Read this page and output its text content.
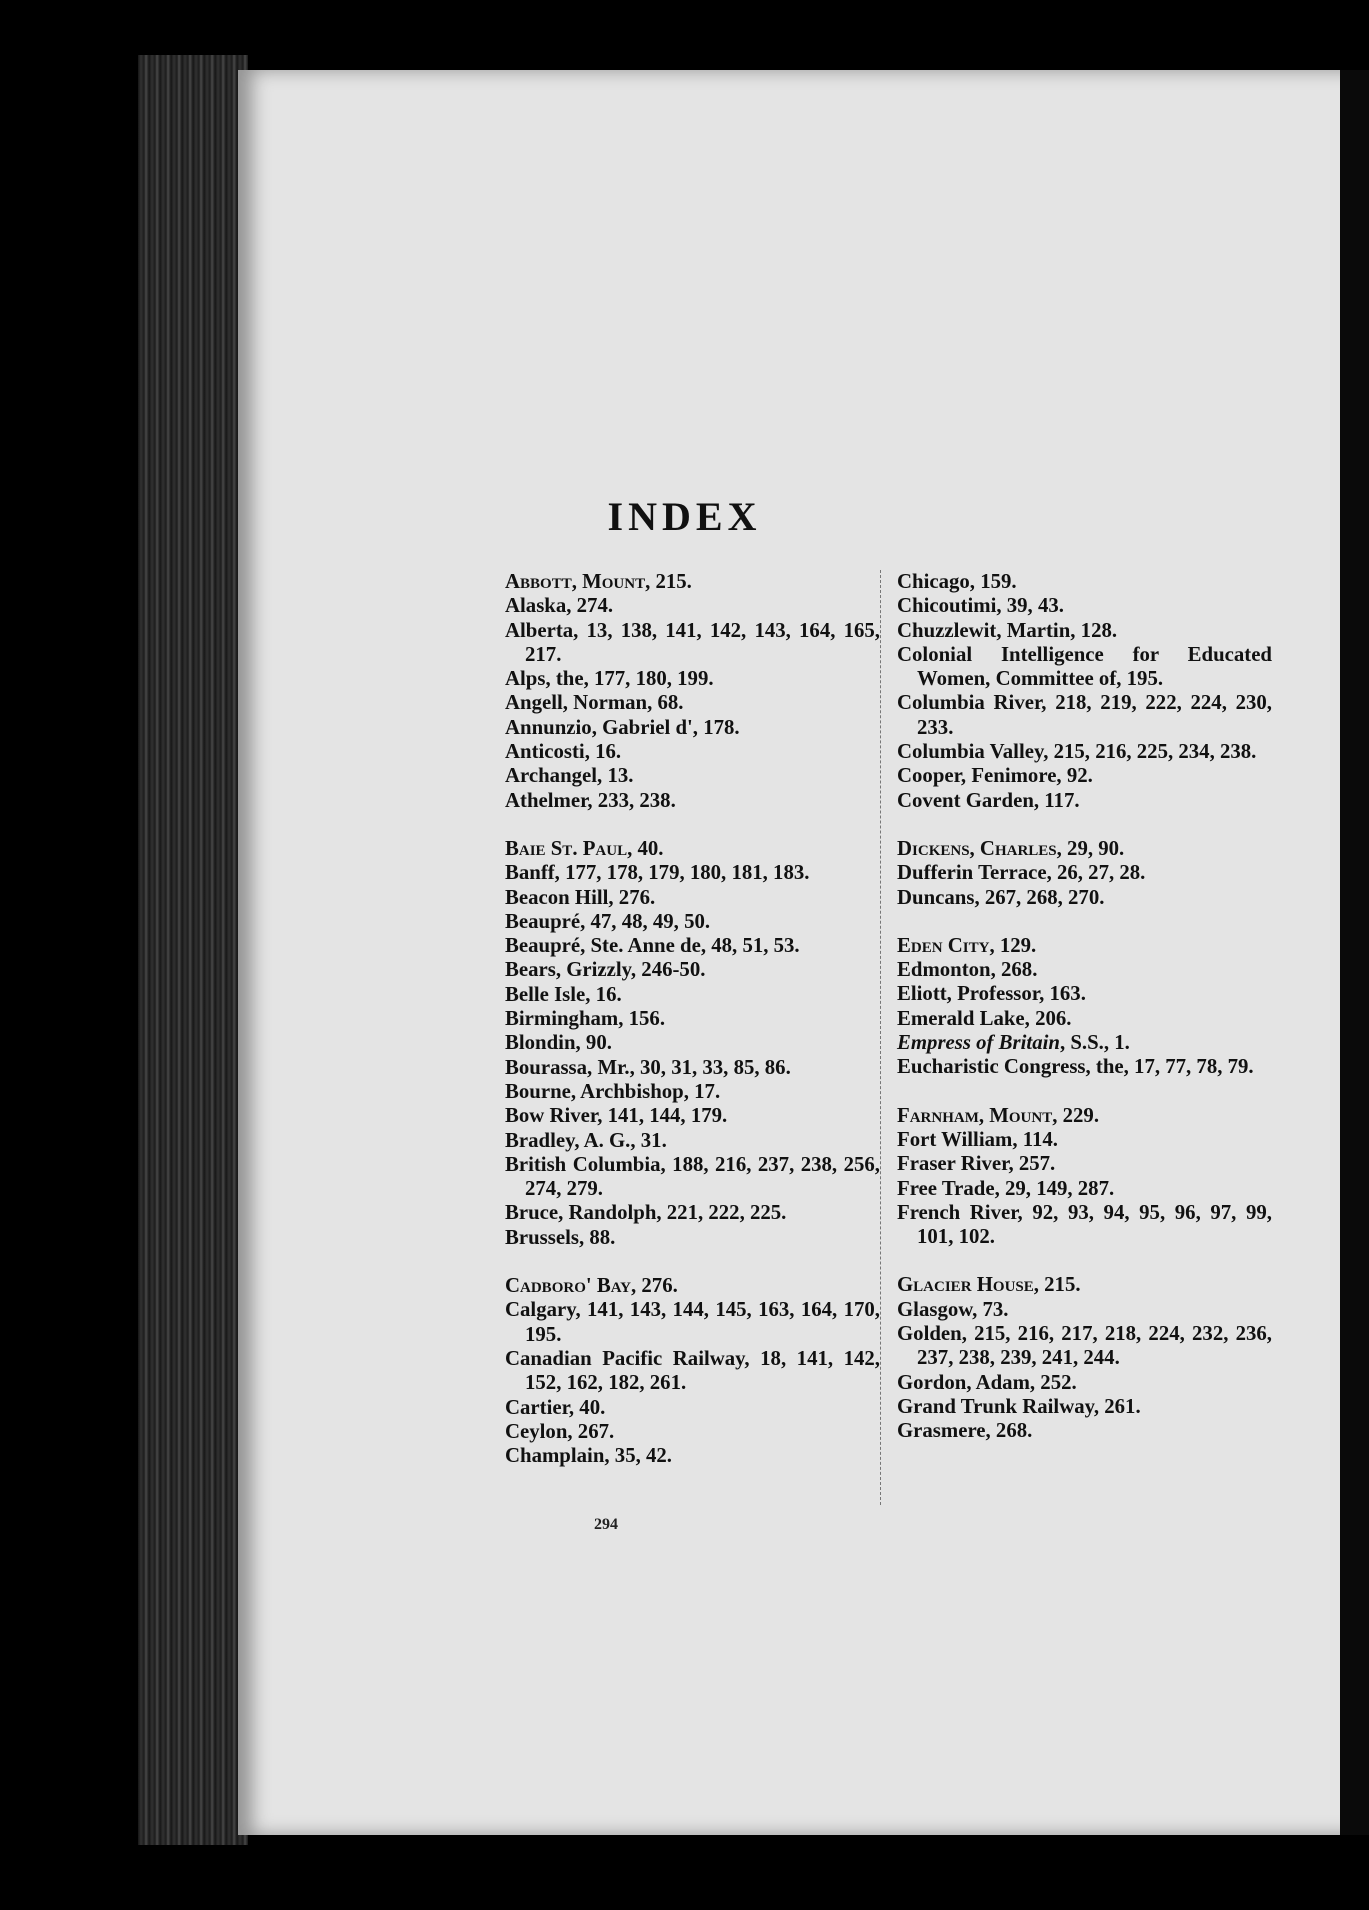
INDEX
Abbott, Mount, 215.
Alaska, 274.
Alberta, 13, 138, 141, 142, 143, 164, 165, 217.
Alps, the, 177, 180, 199.
Angell, Norman, 68.
Annunzio, Gabriel d', 178.
Anticosti, 16.
Archangel, 13.
Athelmer, 233, 238.
Baie St. Paul, 40.
Banff, 177, 178, 179, 180, 181, 183.
Beacon Hill, 276.
Beaupré, 47, 48, 49, 50.
Beaupré, Ste. Anne de, 48, 51, 53.
Bears, Grizzly, 246-50.
Belle Isle, 16.
Birmingham, 156.
Blondin, 90.
Bourassa, Mr., 30, 31, 33, 85, 86.
Bourne, Archbishop, 17.
Bow River, 141, 144, 179.
Bradley, A. G., 31.
British Columbia, 188, 216, 237, 238, 256, 274, 279.
Bruce, Randolph, 221, 222, 225.
Brussels, 88.
Cadboro' Bay, 276.
Calgary, 141, 143, 144, 145, 163, 164, 170, 195.
Canadian Pacific Railway, 18, 141, 142, 152, 162, 182, 261.
Cartier, 40.
Ceylon, 267.
Champlain, 35, 42.
Chicago, 159.
Chicoutimi, 39, 43.
Chuzzlewit, Martin, 128.
Colonial Intelligence for Educated Women, Committee of, 195.
Columbia River, 218, 219, 222, 224, 230, 233.
Columbia Valley, 215, 216, 225, 234, 238.
Cooper, Fenimore, 92.
Covent Garden, 117.
Dickens, Charles, 29, 90.
Dufferin Terrace, 26, 27, 28.
Duncans, 267, 268, 270.
Eden City, 129.
Edmonton, 268.
Eliott, Professor, 163.
Emerald Lake, 206.
Empress of Britain, S.S., 1.
Eucharistic Congress, the, 17, 77, 78, 79.
Farnham, Mount, 229.
Fort William, 114.
Fraser River, 257.
Free Trade, 29, 149, 287.
French River, 92, 93, 94, 95, 96, 97, 99, 101, 102.
Glacier House, 215.
Glasgow, 73.
Golden, 215, 216, 217, 218, 224, 232, 236, 237, 238, 239, 241, 244.
Gordon, Adam, 252.
Grand Trunk Railway, 261.
Grasmere, 268.
294
